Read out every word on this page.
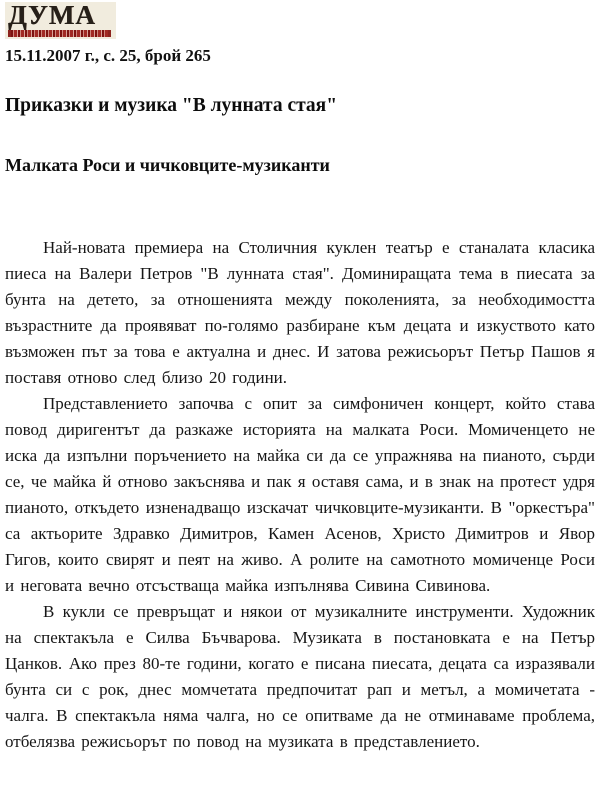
ДУМА
15.11.2007 г., с. 25, брой 265
Приказки и музика "В лунната стая"
Малката Роси и чичковците-музиканти

Най-новата премиера на Столичния куклен театър е станалата класика пиеса на Валери Петров "В лунната стая". Доминиращата тема в пиесата за бунта на детето, за отношенията между поколенията, за необходимостта възрастните да проявяват по-голямо разбиране към децата и изкуството като възможен път за това е актуална и днес. И затова режисьорът Петър Пашов я поставя отново след близо 20 години.

Представлението започва с опит за симфоничен концерт, който става повод диригентът да разкаже историята на малката Роси. Момиченцето не иска да изпълни поръчението на майка си да се упражнява на пианото, сърди се, че майка й отново закъснява и пак я оставя сама, и в знак на протест удря пианото, откъдето изненадващо изскачат чичковците-музиканти. В "оркестъра" са актьорите Здравко Димитров, Камен Асенов, Христо Димитров и Явор Гигов, които свирят и пеят на живо. А ролите на самотното момиченце Роси и неговата вечно отсъстваща майка изпълнява Сивина Сивинова.

В кукли се превръщат и някои от музикалните инструменти. Художник на спектакъла е Силва Бъчварова. Музиката в постановката е на Петър Цанков. Ако през 80-те години, когато е писана пиесата, децата са изразявали бунта си с рок, днес момчетата предпочитат рап и метъл, а момичетата - чалга. В спектакъла няма чалга, но се опитваме да не отминаваме проблема, отбелязва режисьорът по повод на музиката в представлението.
